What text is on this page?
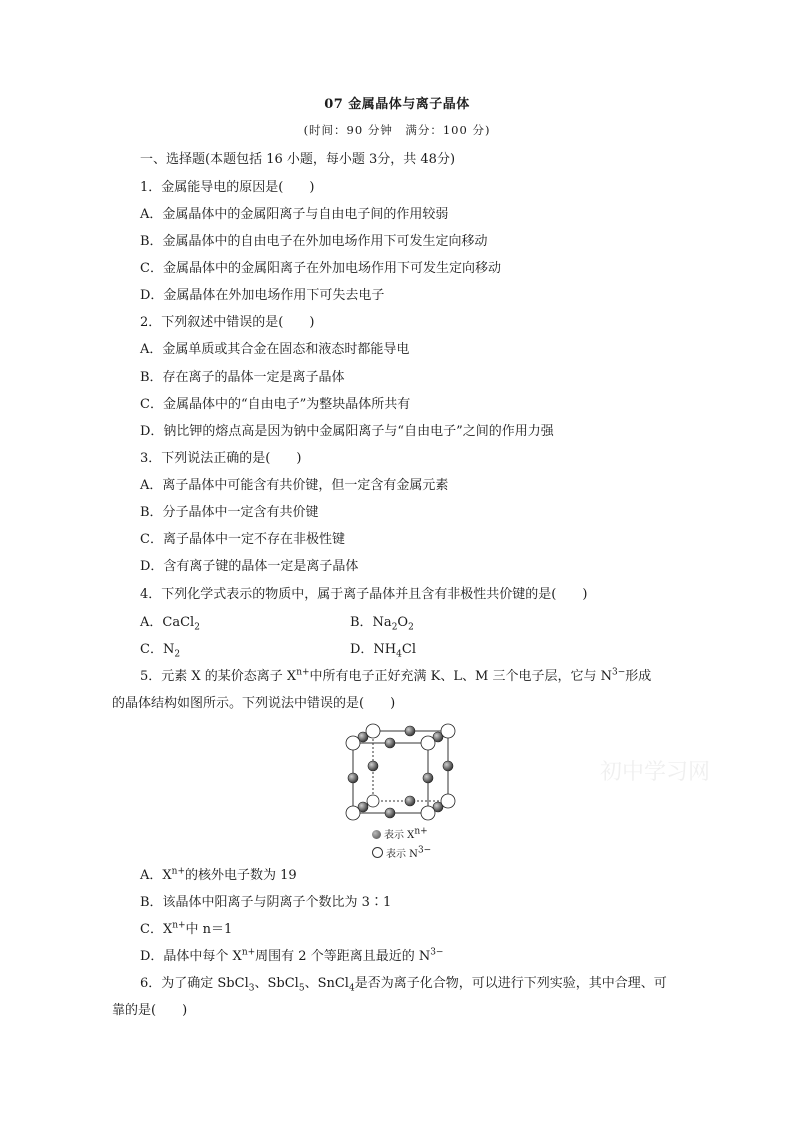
07 金属晶体与离子晶体
(时间：90 分钟　满分：100 分)
一、选择题(本题包括 16 小题，每小题 3分，共 48分)
1．金属能导电的原因是(　　)
A．金属晶体中的金属阳离子与自由电子间的作用较弱
B．金属晶体中的自由电子在外加电场作用下可发生定向移动
C．金属晶体中的金属阳离子在外加电场作用下可发生定向移动
D．金属晶体在外加电场作用下可失去电子
2．下列叙述中错误的是(　　)
A．金属单质或其合金在固态和液态时都能导电
B．存在离子的晶体一定是离子晶体
C．金属晶体中的“自由电子”为整块晶体所共有
D．钠比钾的熔点高是因为钠中金属阳离子与“自由电子”之间的作用力强
3．下列说法正确的是(　　)
A．离子晶体中可能含有共价键，但一定含有金属元素
B．分子晶体中一定含有共价键
C．离子晶体中一定不存在非极性键
D．含有离子键的晶体一定是离子晶体
4．下列化学式表示的物质中，属于离子晶体并且含有非极性共价键的是(　　)
A．CaCl$_2$	B．$Na_2O_2$
C．$N_2$	D．$NH_4Cl$
5．元素 X 的某价态离子 $X^{n+}$中所有电子正好充满 K、L、M 三个电子层，它与 $N^{3-}$形成
的晶体结构如图所示。下列说法中错误的是(　　)
表示 $X^{n+}$
表示 $N^{3-}$
初中学习网
A．$X^{n+}$的核外电子数为 19
B．该晶体中阳离子与阴离子个数比为 3∶1
C．$X^{n+}$中 n＝1
D．晶体中每个 $X^{n+}$周围有 2 个等距离且最近的 $N^{3-}$
6．为了确定 SbCl$_3$、SbCl$_5$、SnCl$_4$是否为离子化合物，可以进行下列实验，其中合理、可
靠的是(　　)
